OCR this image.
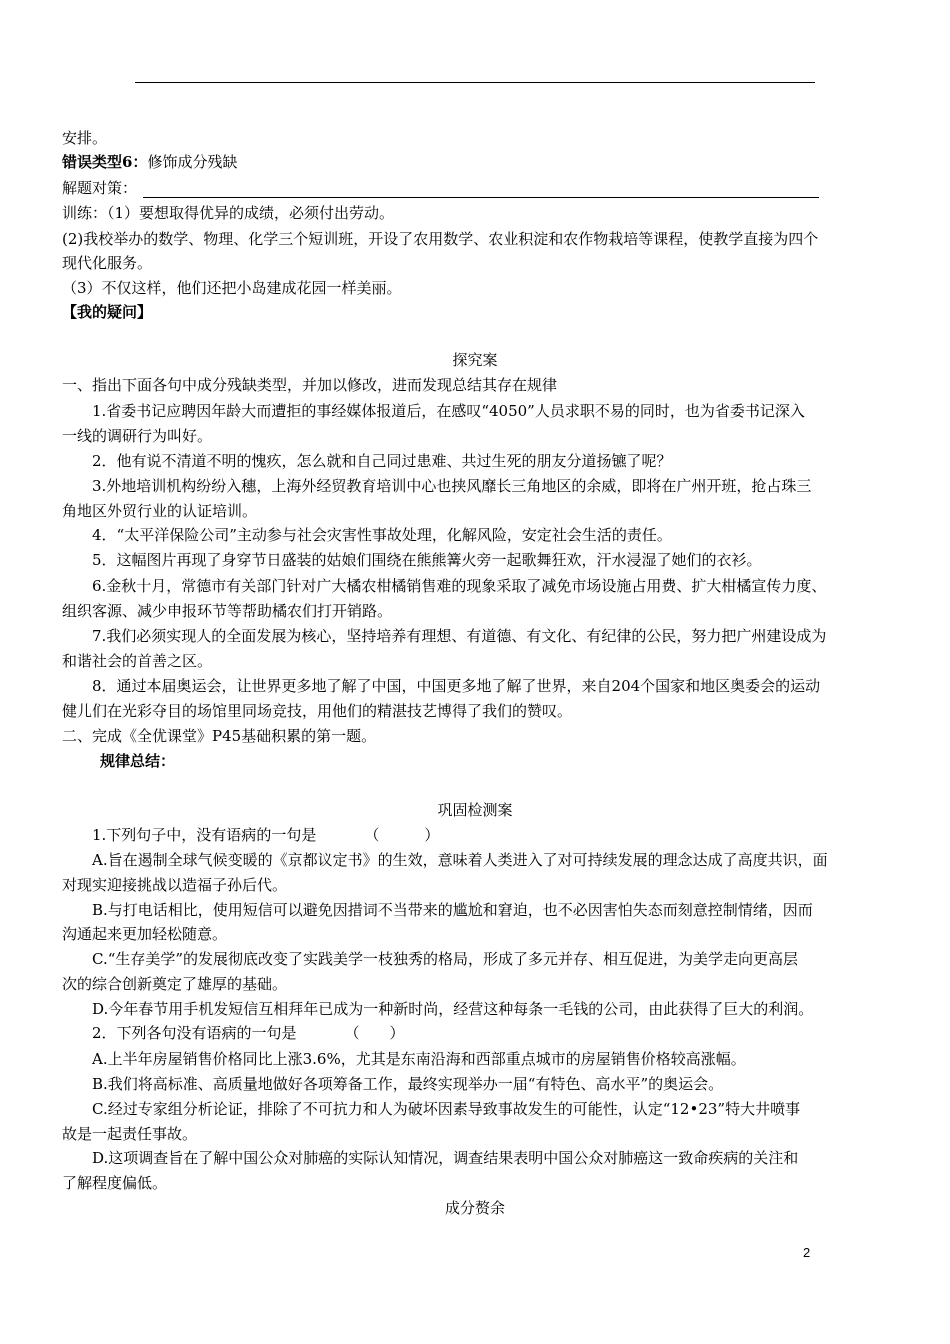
安排。
错误类型6：修饰成分残缺
解题对策：
训练：（1）要想取得优异的成绩，必须付出劳动。
(2)我校举办的数学、物理、化学三个短训班，开设了农用数学、农业积淀和农作物栽培等课程，使教学直接为四个
现代化服务。
（3）不仅这样，他们还把小岛建成花园一样美丽。
【我的疑问】
探究案
一、指出下面各句中成分残缺类型，并加以修改，进而发现总结其存在规律
1.省委书记应聘因年龄大而遭拒的事经媒体报道后，在感叹“4050”人员求职不易的同时，也为省委书记深入
一线的调研行为叫好。
2．他有说不清道不明的愧疚，怎么就和自己同过患难、共过生死的朋友分道扬镳了呢？
3.外地培训机构纷纷入穗，上海外经贸教育培训中心也挟风靡长三角地区的余威，即将在广州开班，抢占珠三
角地区外贸行业的认证培训。
4．“太平洋保险公司”主动参与社会灾害性事故处理，化解风险，安定社会生活的责任。
5．这幅图片再现了身穿节日盛装的姑娘们围绕在熊熊篝火旁一起歌舞狂欢，汗水浸湿了她们的衣衫。
6.金秋十月，常德市有关部门针对广大橘农柑橘销售难的现象采取了减免市场设施占用费、扩大柑橘宣传力度、
组织客源、减少申报环节等帮助橘农们打开销路。
7.我们必须实现人的全面发展为核心，坚持培养有理想、有道德、有文化、有纪律的公民，努力把广州建设成为
和谐社会的首善之区。
8．通过本届奥运会，让世界更多地了解了中国，中国更多地了解了世界，来自204个国家和地区奥委会的运动
健儿们在光彩夺目的场馆里同场竞技，用他们的精湛技艺博得了我们的赞叹。
二、完成《全优课堂》P45基础积累的第一题。
规律总结：
巩固检测案
1.下列句子中，没有语病的一句是	（　　　）
A.旨在遏制全球气候变暖的《京都议定书》的生效，意味着人类进入了对可持续发展的理念达成了高度共识，面
对现实迎接挑战以造福子孙后代。
B.与打电话相比，使用短信可以避免因措词不当带来的尴尬和窘迫，也不必因害怕失态而刻意控制情绪，因而
沟通起来更加轻松随意。
C.“生存美学”的发展彻底改变了实践美学一枝独秀的格局，形成了多元并存、相互促进，为美学走向更高层
次的综合创新奠定了雄厚的基础。
D.今年春节用手机发短信互相拜年已成为一种新时尚，经营这种每条一毛钱的公司，由此获得了巨大的利润。
2．下列各句没有语病的一句是	（　　）
A.上半年房屋销售价格同比上涨3.6%，尤其是东南沿海和西部重点城市的房屋销售价格较高涨幅。
B.我们将高标准、高质量地做好各项筹备工作，最终实现举办一届“有特色、高水平”的奥运会。
C.经过专家组分析论证，排除了不可抗力和人为破坏因素导致事故发生的可能性，认定“12•23”特大井喷事
故是一起责任事故。
D.这项调查旨在了解中国公众对肺癌的实际认知情况，调查结果表明中国公众对肺癌这一致命疾病的关注和
了解程度偏低。
成分赘余
2
